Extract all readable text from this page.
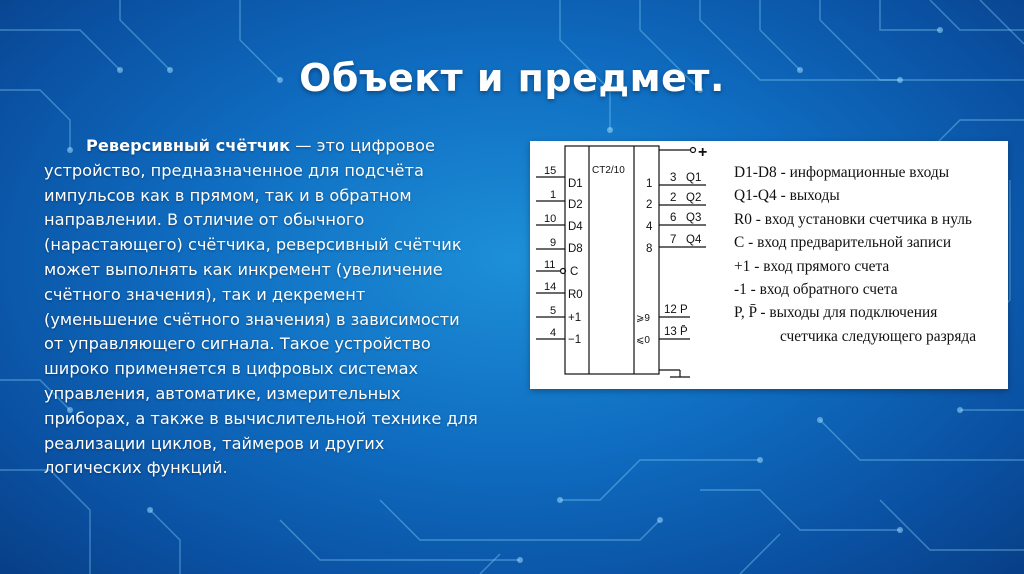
Объект и предмет.
Реверсивный счётчик — это цифровое устройство, предназначенное для подсчёта импульсов как в прямом, так и в обратном направлении. В отличие от обычного (нарастающего) счётчика, реверсивный счётчик может выполнять как инкремент (увеличение счётного значения), так и декремент (уменьшение счётного значения) в зависимости от управляющего сигнала. Такое устройство широко применяется в цифровых системах управления, автоматике, измерительных приборах, а также в вычислительной технике для реализации циклов, таймеров и других логических функций.
15
1
10
9
11
14
5
4
D1
D2
D4
D8
C
R0
+1
−1
CT2/10
1
2
4
8
⩾9
⩽0
3 Q1
2 Q2
6 Q3
7 Q4
12 P
13 P̄
+
D1-D8 - информационные входы
Q1-Q4 - выходы
R0 - вход установки счетчика в нуль
C - вход предварительной записи
+1 - вход прямого счета
-1 - вход обратного счета
P, P̄ - выходы для подключения
счетчика следующего разряда
